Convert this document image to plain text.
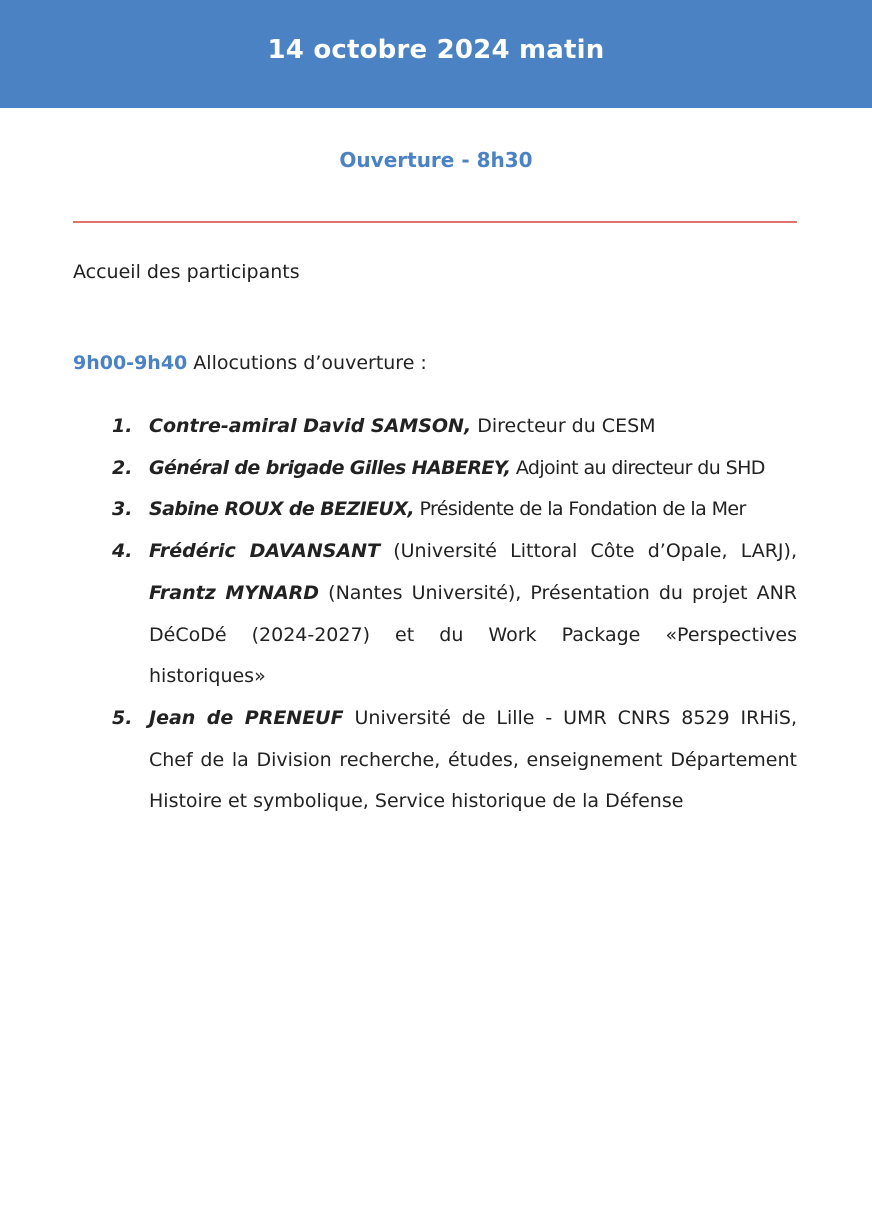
14 octobre 2024 matin
Ouverture - 8h30
Accueil des participants
9h00-9h40 Allocutions d’ouverture :
1. Contre-amiral David SAMSON, Directeur du CESM
2. Général de brigade Gilles HABEREY, Adjoint au directeur du SHD
3. Sabine ROUX de BEZIEUX, Présidente de la Fondation de la Mer
4. Frédéric DAVANSANT (Université Littoral Côte d’Opale, LARJ), Frantz MYNARD (Nantes Université), Présentation du projet ANR DéCoDé (2024-2027) et du Work Package «Perspectives historiques»
5. Jean de PRENEUF Université de Lille - UMR CNRS 8529 IRHiS, Chef de la Division recherche, études, enseignement Département Histoire et symbolique, Service historique de la Défense
